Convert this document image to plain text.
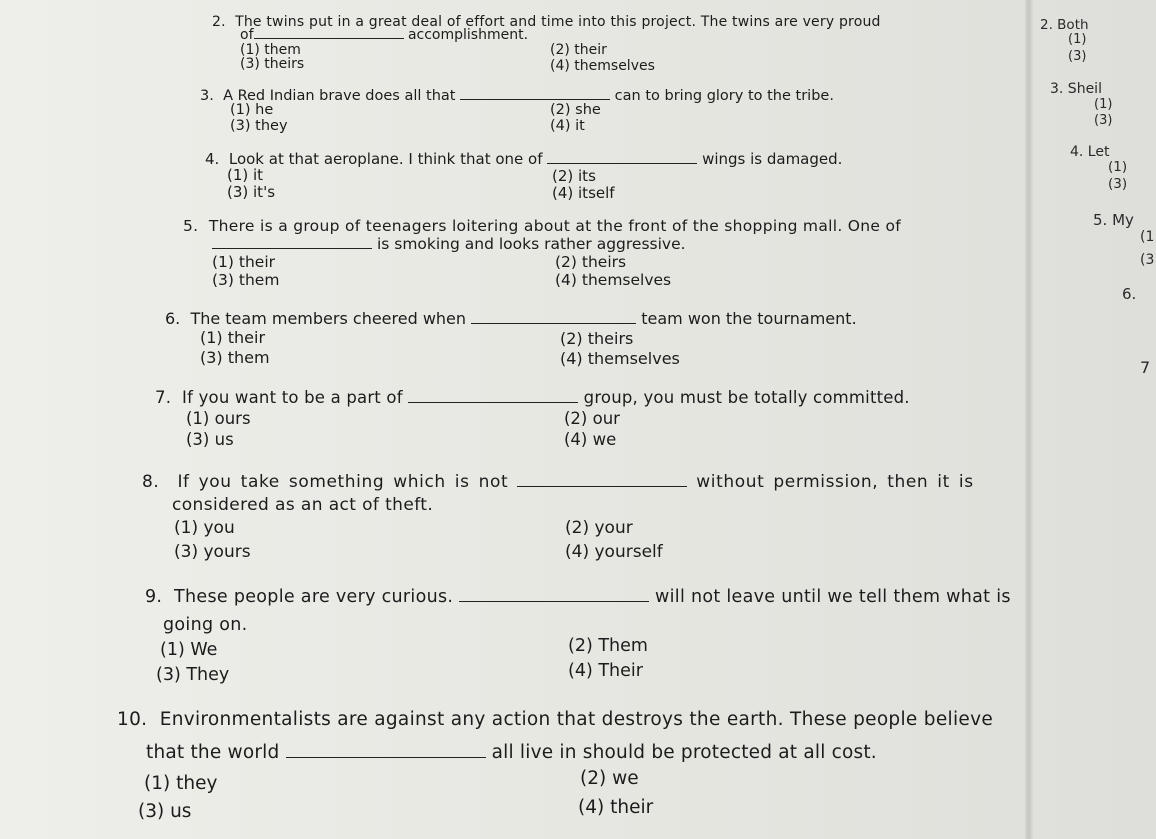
2. The twins put in a great deal of effort and time into this project. The twins are very proud
of	accomplishment.
(1) them	(2) their
(3) theirs	(4) themselves
3. A Red Indian brave does all that	can to bring glory to the tribe.
(1) he	(2) she
(3) they	(4) it
4. Look at that aeroplane. I think that one of	wings is damaged.
(1) it	(2) its
(3) it's	(4) itself
5. There is a group of teenagers loitering about at the front of the shopping mall. One of
is smoking and looks rather aggressive.
(1) their	(2) theirs
(3) them	(4) themselves
6. The team members cheered when	team won the tournament.
(1) their	(2) theirs
(3) them	(4) themselves
7. If you want to be a part of	group, you must be totally committed.
(1) ours	(2) our
(3) us	(4) we
8. If you take something which is not	without permission, then it is
considered as an act of theft.
(1) you	(2) your
(3) yours	(4) yourself
9. These people are very curious.	will not leave until we tell them what is
going on.
(1) We	(2) Them
(3) They	(4) Their
10. Environmentalists are against any action that destroys the earth. These people believe
that the world	all live in should be protected at all cost.
(1) they	(2) we
(3) us	(4) their
2. Both
(1)
(3)
3. Sheil
(1)
(3)
4. Let
(1)
(3)
5. My
(1
(3
6.
7
